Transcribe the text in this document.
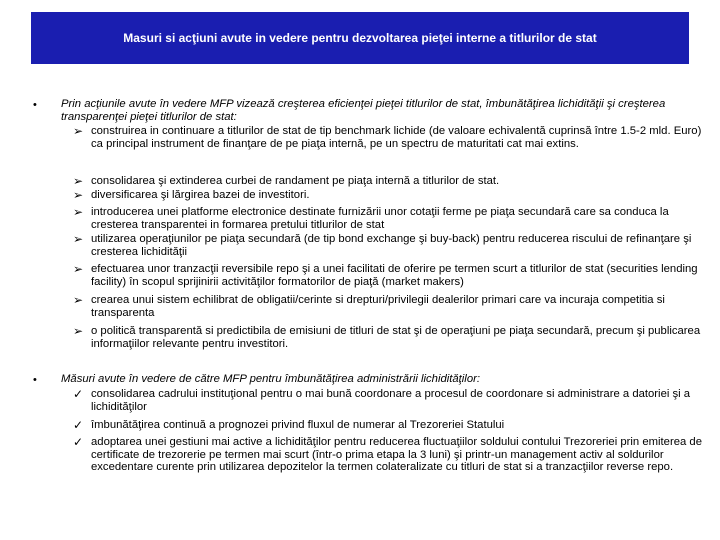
Masuri si acţiuni avute in vedere pentru dezvoltarea pieţei interne a titlurilor de stat
• Prin acţiunile avute în vedere MFP vizează creşterea eficienţei pieţei titlurilor de stat, îmbunătăţirea lichidităţii şi creşterea transparenţei pieţei titlurilor de stat:
➢ construirea in continuare a titlurilor de stat de tip benchmark lichide (de valoare echivalentă cuprinsă între 1.5-2 mld. Euro) ca principal instrument de finanţare de pe piaţa internă, pe un spectru de maturitati cat mai extins.
➢ consolidarea şi extinderea curbei de randament pe piaţa internă a titlurilor de stat.
➢ diversificarea şi lărgirea bazei de investitori.
➢ introducerea unei platforme electronice destinate furnizării unor cotaţii ferme pe piaţa secundară care sa conduca la cresterea transparentei in formarea pretului titlurilor de stat
➢ utilizarea operaţiunilor pe piaţa secundară (de tip bond exchange şi buy-back) pentru reducerea riscului de refinanţare şi cresterea lichidităţii
➢ efectuarea unor tranzacţii reversibile repo şi a unei facilitati de oferire pe termen scurt a titlurilor de stat (securities lending facility) în scopul sprijinirii activităţilor formatorilor de piaţă (market makers)
➢ crearea unui sistem echilibrat de obligatii/cerinte si drepturi/privilegii dealerilor primari care va incuraja competitia si transparenta
➢ o politică transparentă si predictibila de emisiuni de titluri de stat şi de operaţiuni pe piaţa secundară, precum şi publicarea informaţiilor relevante pentru investitori.
• Măsuri avute în vedere de către MFP pentru îmbunătăţirea administrării lichidităţilor:
✓ consolidarea cadrului instituţional pentru o mai bună coordonare a procesul de coordonare si administrare a datoriei şi a lichidităţilor
✓ îmbunătăţirea continuă a prognozei privind fluxul de numerar al Trezoreriei Statului
✓ adoptarea unei gestiuni mai active a lichidităţilor pentru reducerea fluctuaţiilor soldului contului Trezoreriei prin emiterea de certificate de trezorerie pe termen mai scurt (într-o prima etapa la 3 luni) şi printr-un management activ al soldurilor excedentare curente prin utilizarea depozitelor la termen colateralizate cu titluri de stat si a tranzacţiilor reverse repo.
